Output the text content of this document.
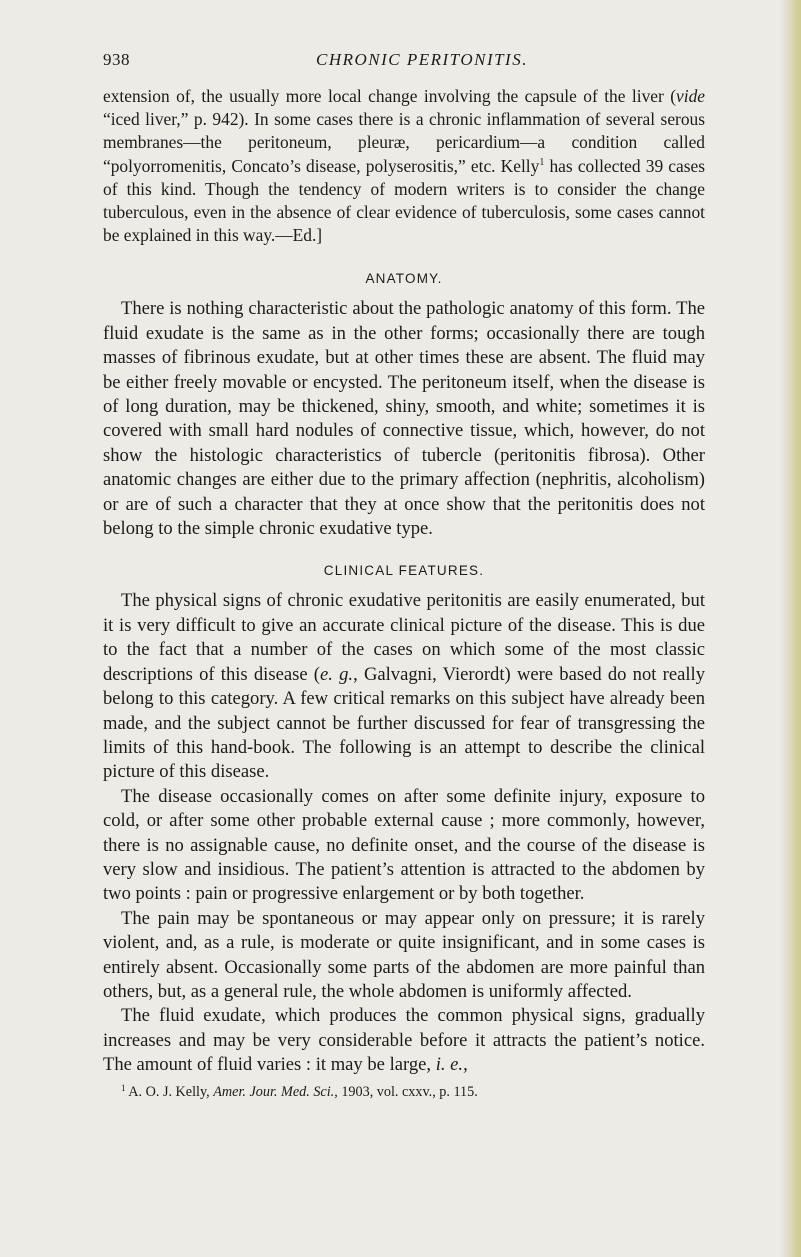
938	CHRONIC PERITONITIS.

extension of, the usually more local change involving the capsule of the liver (vide “iced liver,” p. 942). In some cases there is a chronic inflammation of several serous membranes—the peritoneum, pleuræ, pericardium—a condition called “polyorromenitis, Concato’s disease, polyserositis,” etc. Kelly$^1$ has collected 39 cases of this kind. Though the tendency of modern writers is to consider the change tuberculous, even in the absence of clear evidence of tuberculosis, some cases cannot be explained in this way.—Ed.]

ANATOMY.

There is nothing characteristic about the pathologic anatomy of this form. The fluid exudate is the same as in the other forms; occasionally there are tough masses of fibrinous exudate, but at other times these are absent. The fluid may be either freely movable or encysted. The peritoneum itself, when the disease is of long duration, may be thickened, shiny, smooth, and white; sometimes it is covered with small hard nodules of connective tissue, which, however, do not show the histologic characteristics of tubercle (peritonitis fibrosa). Other anatomic changes are either due to the primary affection (nephritis, alcoholism) or are of such a character that they at once show that the peritonitis does not belong to the simple chronic exudative type.

CLINICAL FEATURES.

The physical signs of chronic exudative peritonitis are easily enumerated, but it is very difficult to give an accurate clinical picture of the disease. This is due to the fact that a number of the cases on which some of the most classic descriptions of this disease (e. g., Galvagni, Vierordt) were based do not really belong to this category. A few critical remarks on this subject have already been made, and the subject cannot be further discussed for fear of transgressing the limits of this hand-book. The following is an attempt to describe the clinical picture of this disease.

The disease occasionally comes on after some definite injury, exposure to cold, or after some other probable external cause ; more commonly, however, there is no assignable cause, no definite onset, and the course of the disease is very slow and insidious. The patient’s attention is attracted to the abdomen by two points : pain or progressive enlargement or by both together.

The pain may be spontaneous or may appear only on pressure; it is rarely violent, and, as a rule, is moderate or quite insignificant, and in some cases is entirely absent. Occasionally some parts of the abdomen are more painful than others, but, as a general rule, the whole abdomen is uniformly affected.

The fluid exudate, which produces the common physical signs, gradually increases and may be very considerable before it attracts the patient’s notice. The amount of fluid varies : it may be large, i. e.,

$^1$ A. O. J. Kelly, Amer. Jour. Med. Sci., 1903, vol. cxxv., p. 115.
